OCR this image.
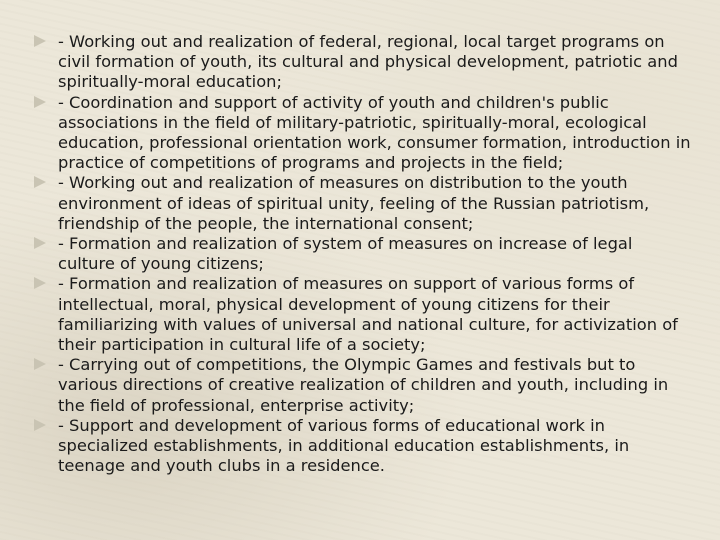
- Working out and realization of federal, regional, local target programs on civil formation of youth, its cultural and physical development, patriotic and spiritually-moral education;
- Coordination and support of activity of youth and children's public associations in the field of military-patriotic, spiritually-moral, ecological education, professional orientation work, consumer formation, introduction in practice of competitions of programs and projects in the field;
- Working out and realization of measures on distribution to the youth environment of ideas of spiritual unity, feeling of the Russian patriotism, friendship of the people, the international consent;
- Formation and realization of system of measures on increase of legal culture of young citizens;
- Formation and realization of measures on support of various forms of intellectual, moral, physical development of young citizens for their familiarizing with values of universal and national culture, for activization of their participation in cultural life of a society;
- Carrying out of competitions, the Olympic Games and festivals but to various directions of creative realization of children and youth, including in the field of professional, enterprise activity;
- Support and development of various forms of educational work in specialized establishments, in additional education establishments, in teenage and youth clubs in a residence.
